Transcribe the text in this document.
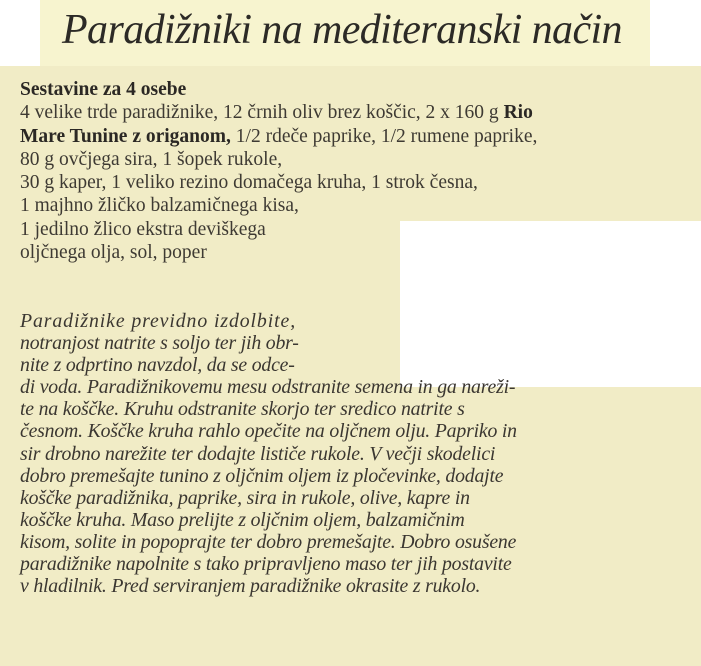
Paradižniki na mediteranski način
Sestavine za 4 osebe
4 velike trde paradižnike, 12 črnih oliv brez koščic, 2 x 160 g Rio
Mare Tunine z origanom, 1/2 rdeče paprike, 1/2 rumene paprike,
80 g ovčjega sira, 1 šopek rukole,
30 g kaper, 1 veliko rezino domačega kruha, 1 strok česna,
1 majhno žličko balzamičnega kisa,
1 jedilno žlico ekstra deviškega
oljčnega olja, sol, poper
Paradižnike previdno izdolbite,
notranjost natrite s soljo ter jih obr-
nite z odprtino navzdol, da se odce-
di voda. Paradižnikovemu mesu odstranite semena in ga nareži-
te na koščke. Kruhu odstranite skorjo ter sredico natrite s
česnom. Koščke kruha rahlo opečite na oljčnem olju. Papriko in
sir drobno narežite ter dodajte lističe rukole. V večji skodelici
dobro premešajte tunino z oljčnim oljem iz pločevinke, dodajte
koščke paradižnika, paprike, sira in rukole, olive, kapre in
koščke kruha. Maso prelijte z oljčnim oljem, balzamičnim
kisom, solite in popoprajte ter dobro premešajte. Dobro osušene
paradižnike napolnite s tako pripravljeno maso ter jih postavite
v hladilnik. Pred serviranjem paradižnike okrasite z rukolo.
